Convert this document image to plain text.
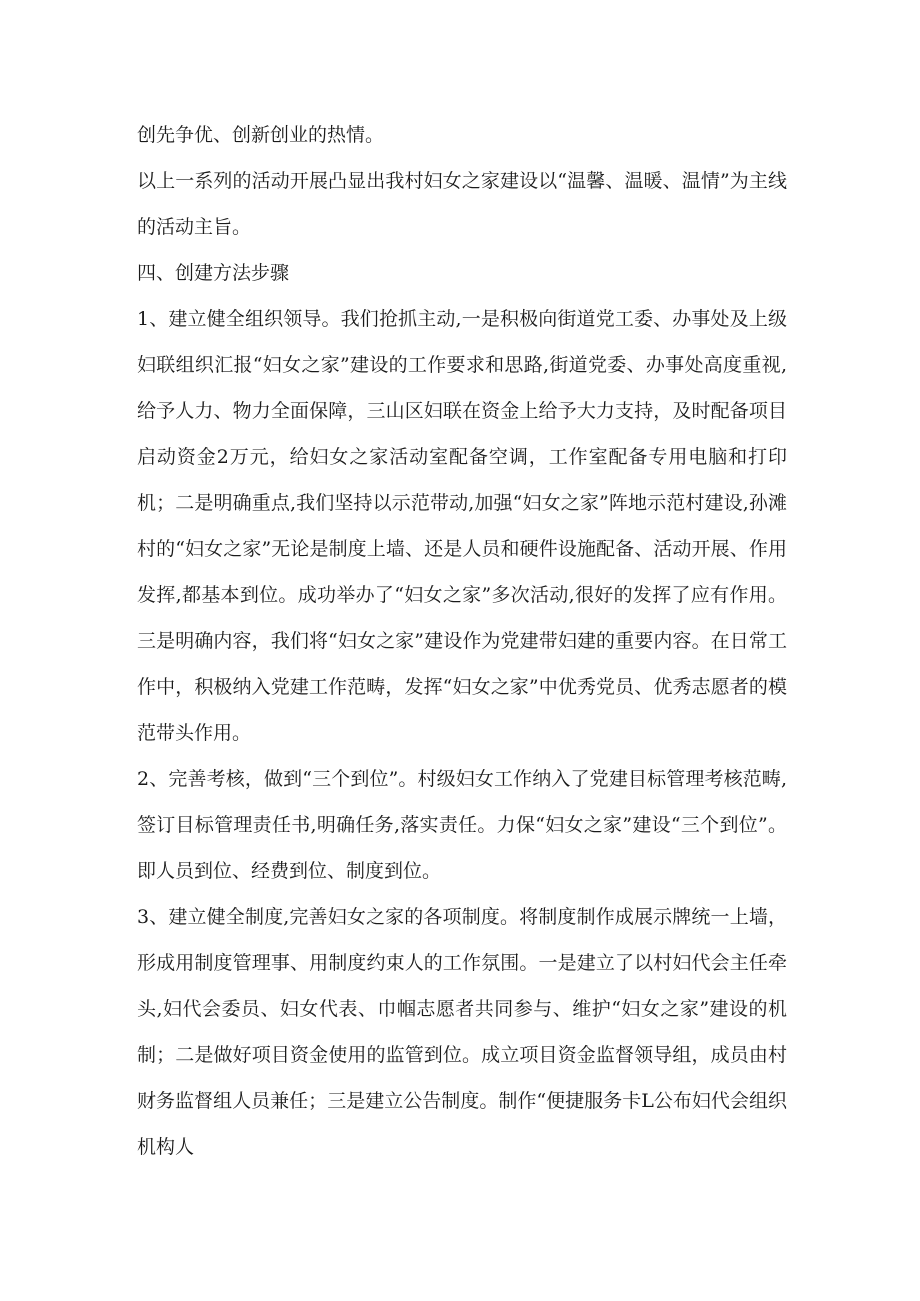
创先争优、创新创业的热情。

以上一系列的活动开展凸显出我村妇女之家建设以“温馨、温暖、温情”为主线的活动主旨。

四、创建方法步骤

1、建立健全组织领导。我们抢抓主动,一是积极向街道党工委、办事处及上级妇联组织汇报“妇女之家”建设的工作要求和思路,街道党委、办事处高度重视,给予人力、物力全面保障，三山区妇联在资金上给予大力支持，及时配备项目启动资金2万元，给妇女之家活动室配备空调，工作室配备专用电脑和打印机；二是明确重点,我们坚持以示范带动,加强“妇女之家”阵地示范村建设,孙滩村的“妇女之家”无论是制度上墙、还是人员和硬件设施配备、活动开展、作用发挥,都基本到位。成功举办了“妇女之家”多次活动,很好的发挥了应有作用。三是明确内容，我们将“妇女之家”建设作为党建带妇建的重要内容。在日常工作中，积极纳入党建工作范畴，发挥“妇女之家”中优秀党员、优秀志愿者的模范带头作用。

2、完善考核，做到“三个到位”。村级妇女工作纳入了党建目标管理考核范畴,签订目标管理责任书,明确任务,落实责任。力保“妇女之家”建设“三个到位”。即人员到位、经费到位、制度到位。

3、建立健全制度,完善妇女之家的各项制度。将制度制作成展示牌统一上墙，形成用制度管理事、用制度约束人的工作氛围。一是建立了以村妇代会主任牵头,妇代会委员、妇女代表、巾帼志愿者共同参与、维护“妇女之家”建设的机制；二是做好项目资金使用的监管到位。成立项目资金监督领导组，成员由村财务监督组人员兼任；三是建立公告制度。制作“便捷服务卡L公布妇代会组织机构人
